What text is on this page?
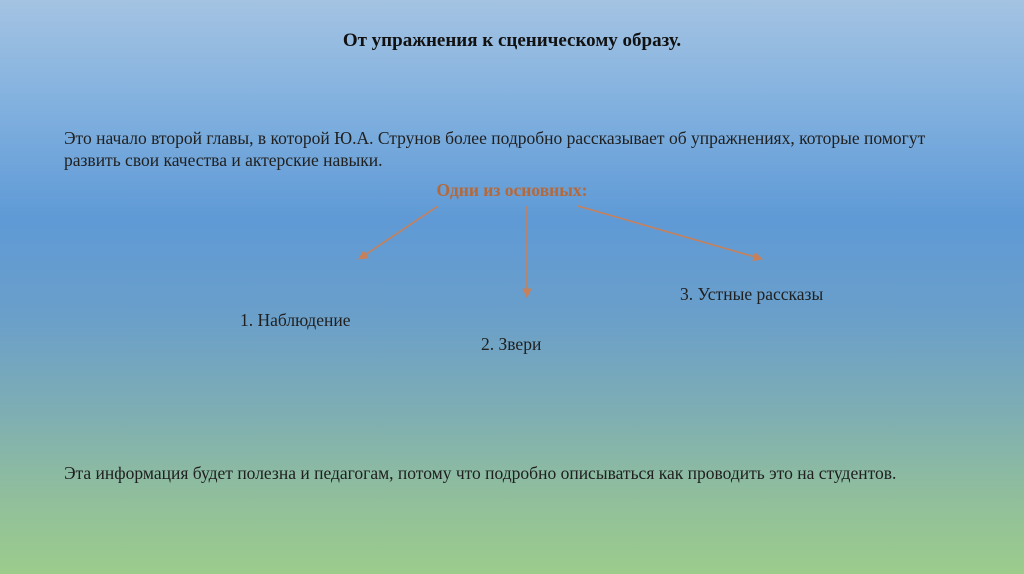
От упражнения к сценическому образу.
Это начало второй главы, в которой Ю.А. Струнов более подробно рассказывает об упражнениях, которые помогут развить свои качества и актерские навыки.
Одни из основных:
1. Наблюдение
2. Звери
3. Устные рассказы
Эта информация будет полезна и педагогам, потому что подробно описываться как проводить это на студентов.
